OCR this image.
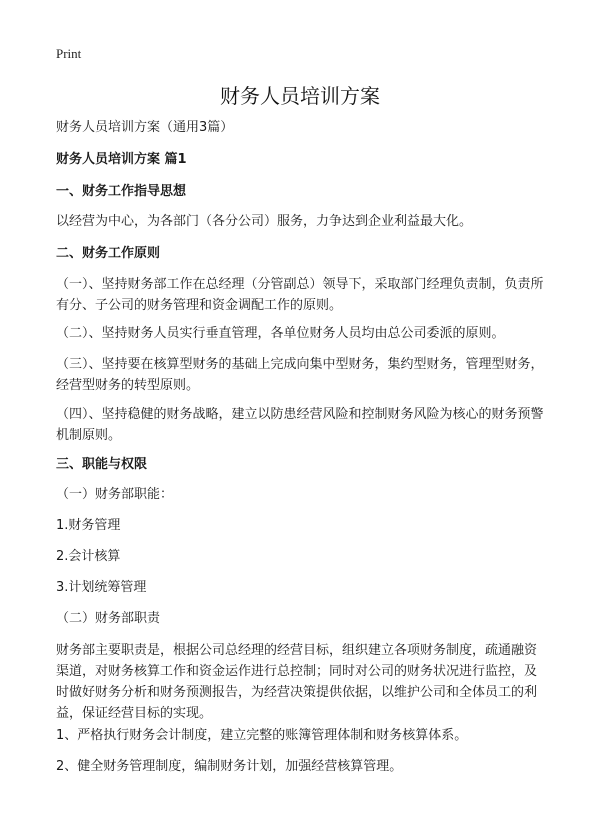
Print
财务人员培训方案

财务人员培训方案（通用3篇）

财务人员培训方案 篇1

一、财务工作指导思想

以经营为中心，为各部门（各分公司）服务，力争达到企业利益最大化。

二、财务工作原则

（一）、坚持财务部工作在总经理（分管副总）领导下，采取部门经理负责制，负责所有分、子公司的财务管理和资金调配工作的原则。

（二）、坚持财务人员实行垂直管理，各单位财务人员均由总公司委派的原则。

（三）、坚持要在核算型财务的基础上完成向集中型财务，集约型财务，管理型财务，经营型财务的转型原则。

（四）、坚持稳健的财务战略，建立以防患经营风险和控制财务风险为核心的财务预警机制原则。

三、职能与权限

（一）财务部职能：

1.财务管理

2.会计核算

3.计划统筹管理

（二）财务部职责

财务部主要职责是，根据公司总经理的经营目标，组织建立各项财务制度，疏通融资渠道，对财务核算工作和资金运作进行总控制；同时对公司的财务状况进行监控，及时做好财务分析和财务预测报告，为经营决策提供依据，以维护公司和全体员工的利益，保证经营目标的实现。

1、严格执行财务会计制度，建立完整的账簿管理体制和财务核算体系。

2、健全财务管理制度，编制财务计划，加强经营核算管理。
